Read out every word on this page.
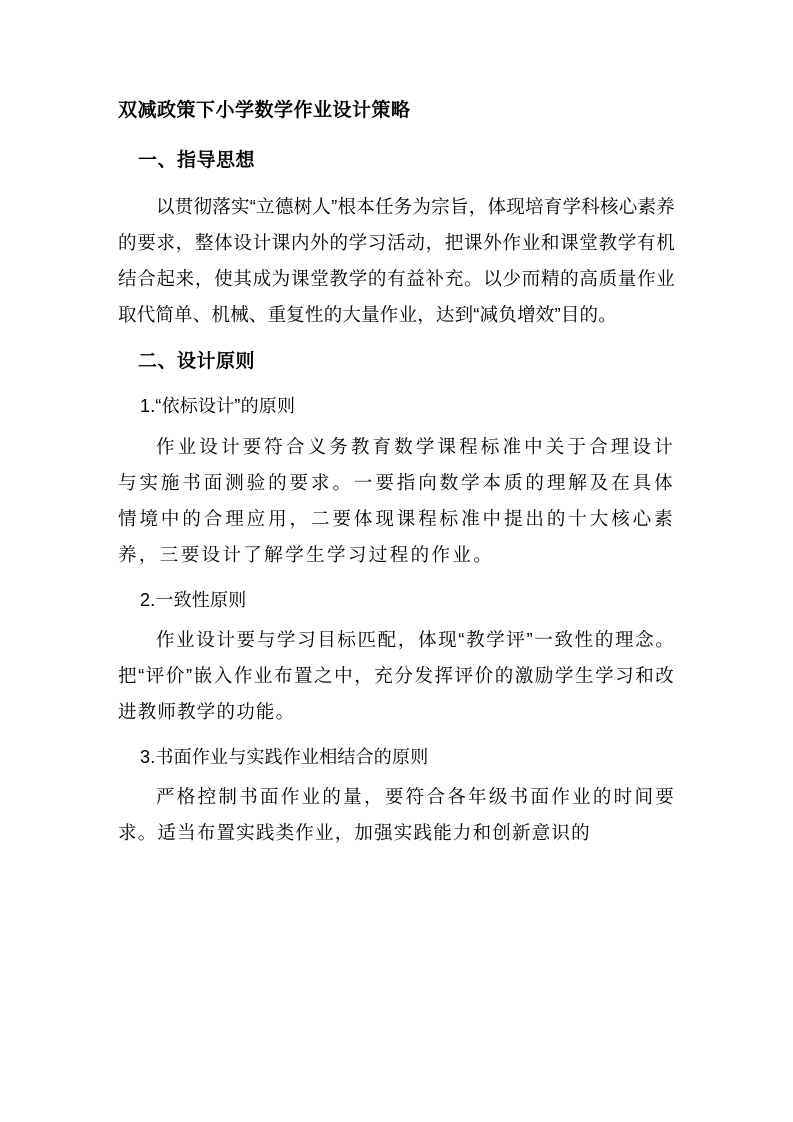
双减政策下小学数学作业设计策略
一、指导思想

以贯彻落实“立德树人”根本任务为宗旨，体现培育学科核心素养的要求，整体设计课内外的学习活动，把课外作业和课堂教学有机结合起来，使其成为课堂教学的有益补充。以少而精的高质量作业取代简单、机械、重复性的大量作业，达到“减负增效”目的。

二、设计原则

1.“依标设计”的原则

作业设计要符合义务教育数学课程标准中关于合理设计与实施书面测验的要求。一要指向数学本质的理解及在具体情境中的合理应用，二要体现课程标准中提出的十大核心素养，三要设计了解学生学习过程的作业。

2.一致性原则

作业设计要与学习目标匹配，体现“教学评”一致性的理念。把“评价”嵌入作业布置之中，充分发挥评价的激励学生学习和改进教师教学的功能。

3.书面作业与实践作业相结合的原则

严格控制书面作业的量，要符合各年级书面作业的时间要求。适当布置实践类作业，加强实践能力和创新意识的
